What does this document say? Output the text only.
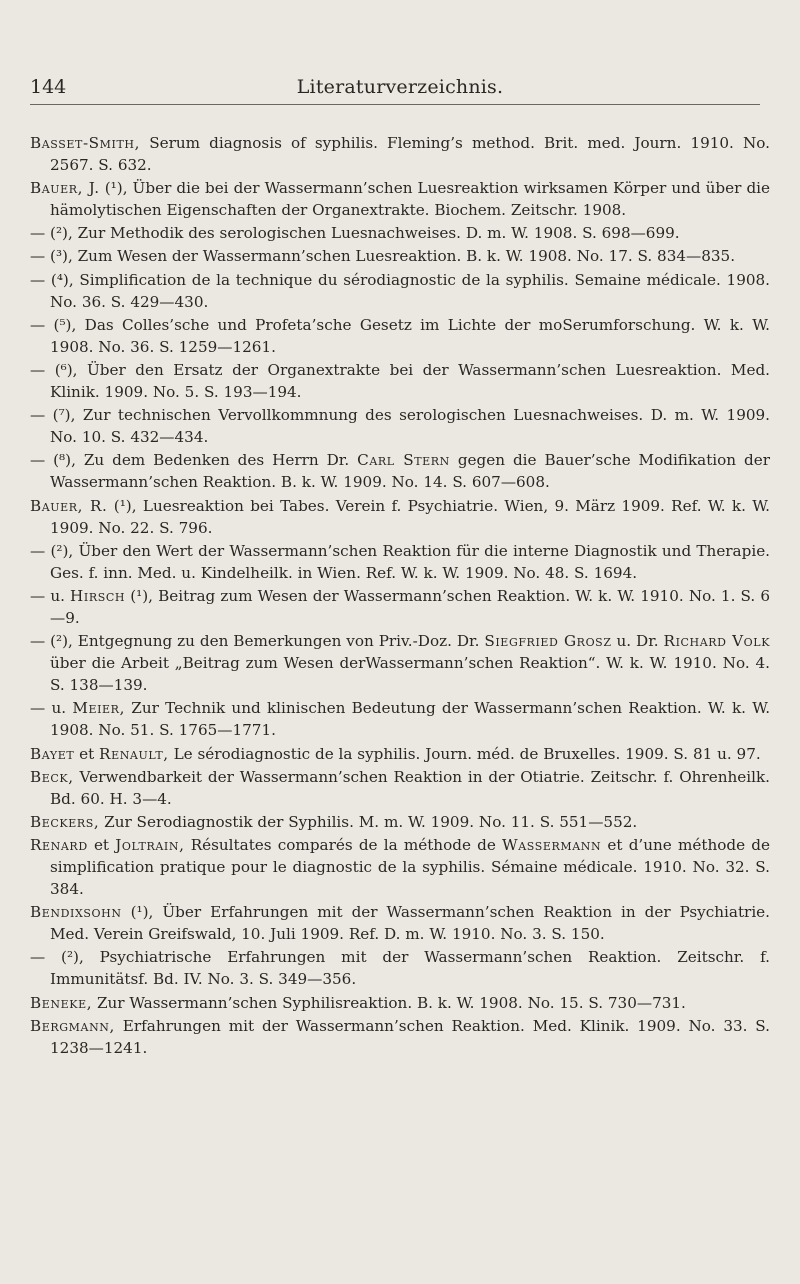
144	Literaturverzeichnis.

Basset-Smith, Serum diagnosis of syphilis. Fleming’s method. Brit. med. Journ. 1910. No. 2567. S. 632.

Bauer, J. (¹), Über die bei der Wassermann’schen Luesreaktion wirksamen Körper und über die hämolytischen Eigenschaften der Organextrakte. Biochem. Zeitschr. 1908.

— (²), Zur Methodik des serologischen Luesnachweises. D. m. W. 1908. S. 698—699.

— (³), Zum Wesen der Wassermann’schen Luesreaktion. B. k. W. 1908. No. 17. S. 834—835.

— (⁴), Simplification de la technique du sérodiagnostic de la syphilis. Semaine médicale. 1908. No. 36. S. 429—430.

— (⁵), Das Colles’sche und Profeta’sche Gesetz im Lichte der moSerumforschung. W. k. W. 1908. No. 36. S. 1259—1261.

— (⁶), Über den Ersatz der Organextrakte bei der Wassermann’schen Luesreaktion. Med. Klinik. 1909. No. 5. S. 193—194.

— (⁷), Zur technischen Vervollkommnung des serologischen Luesnachweises. D. m. W. 1909. No. 10. S. 432—434.

— (⁸), Zu dem Bedenken des Herrn Dr. Carl Stern gegen die Bauer’sche Modifikation der Wassermann’schen Reaktion. B. k. W. 1909. No. 14. S. 607—608.

Bauer, R. (¹), Luesreaktion bei Tabes. Verein f. Psychiatrie. Wien, 9. März 1909. Ref. W. k. W. 1909. No. 22. S. 796.

— (²), Über den Wert der Wassermann’schen Reaktion für die interne Diagnostik und Therapie. Ges. f. inn. Med. u. Kindelheilk. in Wien. Ref. W. k. W. 1909. No. 48. S. 1694.

— u. Hirsch (¹), Beitrag zum Wesen der Wassermann’schen Reaktion. W. k. W. 1910. No. 1. S. 6—9.

— (²), Entgegnung zu den Bemerkungen von Priv.-Doz. Dr. Siegfried Grosz u. Dr. Richard Volk über die Arbeit „Beitrag zum Wesen derWassermann’schen Reaktion“. W. k. W. 1910. No. 4. S. 138—139.

— u. Meier, Zur Technik und klinischen Bedeutung der Wassermann’schen Reaktion. W. k. W. 1908. No. 51. S. 1765—1771.

Bayet et Renault, Le sérodiagnostic de la syphilis. Journ. méd. de Bruxelles. 1909. S. 81 u. 97.

Beck, Verwendbarkeit der Wassermann’schen Reaktion in der Otiatrie. Zeitschr. f. Ohrenheilk. Bd. 60. H. 3—4.

Beckers, Zur Serodiagnostik der Syphilis. M. m. W. 1909. No. 11. S. 551—552.

Renard et Joltrain, Résultates comparés de la méthode de Wassermann et d’une méthode de simplification pratique pour le diagnostic de la syphilis. Sémaine médicale. 1910. No. 32. S. 384.

Bendixsohn (¹), Über Erfahrungen mit der Wassermann’schen Reaktion in der Psychiatrie. Med. Verein Greifswald, 10. Juli 1909. Ref. D. m. W. 1910. No. 3. S. 150.

— (²), Psychiatrische Erfahrungen mit der Wassermann’schen Reaktion. Zeitschr. f. Immunitätsf. Bd. IV. No. 3. S. 349—356.

Beneke, Zur Wassermann’schen Syphilisreaktion. B. k. W. 1908. No. 15. S. 730—731.

Bergmann, Erfahrungen mit der Wassermann’schen Reaktion. Med. Klinik. 1909. No. 33. S. 1238—1241.
